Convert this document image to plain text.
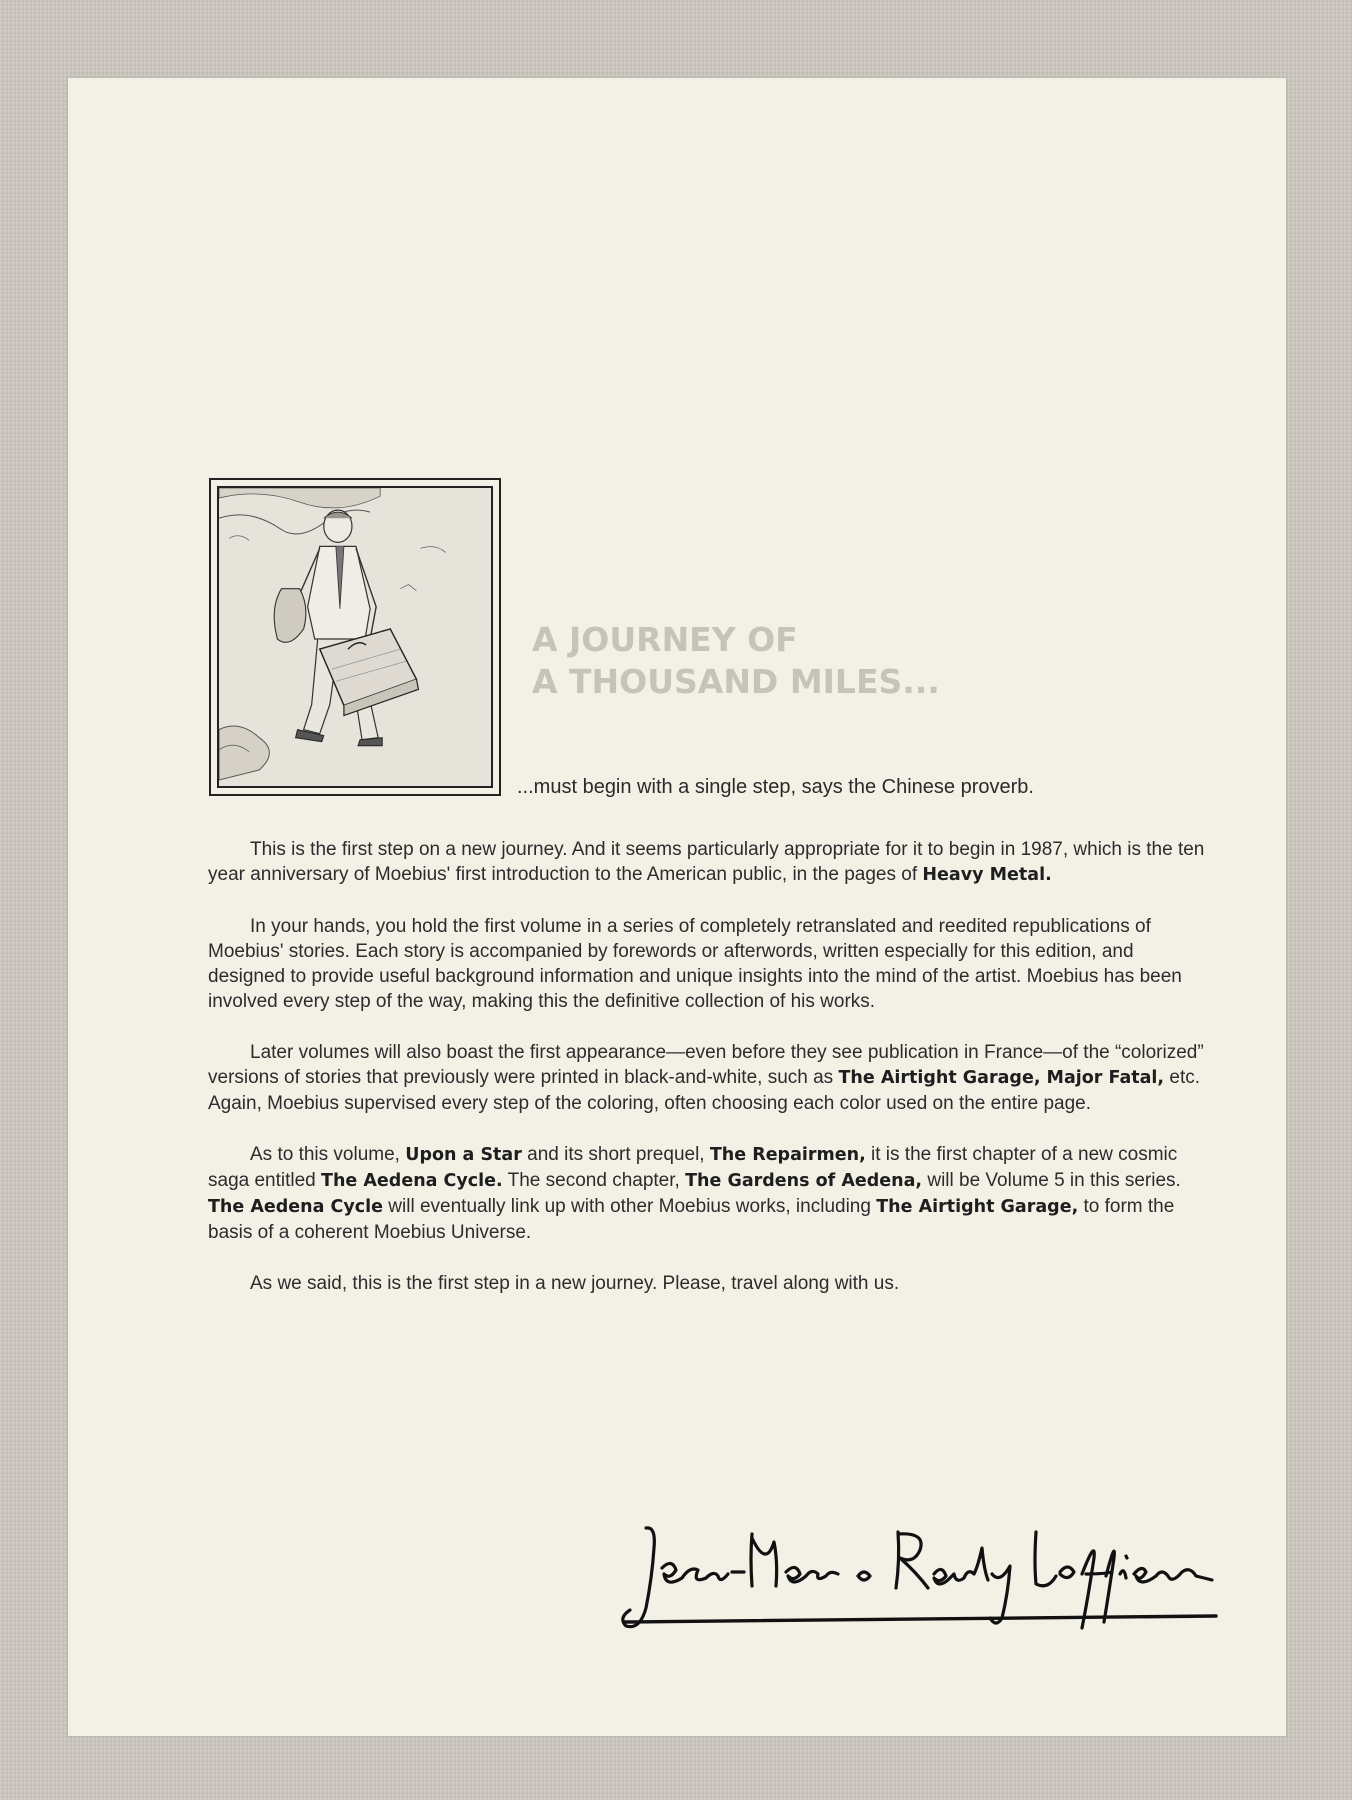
A JOURNEY OF
A THOUSAND MILES...

...must begin with a single step, says the Chinese proverb.

This is the first step on a new journey. And it seems particularly appropriate for it to begin in 1987, which is the ten year anniversary of Moebius' first introduction to the American public, in the pages of Heavy Metal.

In your hands, you hold the first volume in a series of completely retranslated and reedited republications of Moebius' stories. Each story is accompanied by forewords or afterwords, written especially for this edition, and designed to provide useful background information and unique insights into the mind of the artist. Moebius has been involved every step of the way, making this the definitive collection of his works.

Later volumes will also boast the first appearance—even before they see publication in France—of the “colorized” versions of stories that previously were printed in black-and-white, such as The Airtight Garage, Major Fatal, etc. Again, Moebius supervised every step of the coloring, often choosing each color used on the entire page.

As to this volume, Upon a Star and its short prequel, The Repairmen, it is the first chapter of a new cosmic saga entitled The Aedena Cycle. The second chapter, The Gardens of Aedena, will be Volume 5 in this series. The Aedena Cycle will eventually link up with other Moebius works, including The Airtight Garage, to form the basis of a coherent Moebius Universe.

As we said, this is the first step in a new journey. Please, travel along with us.
